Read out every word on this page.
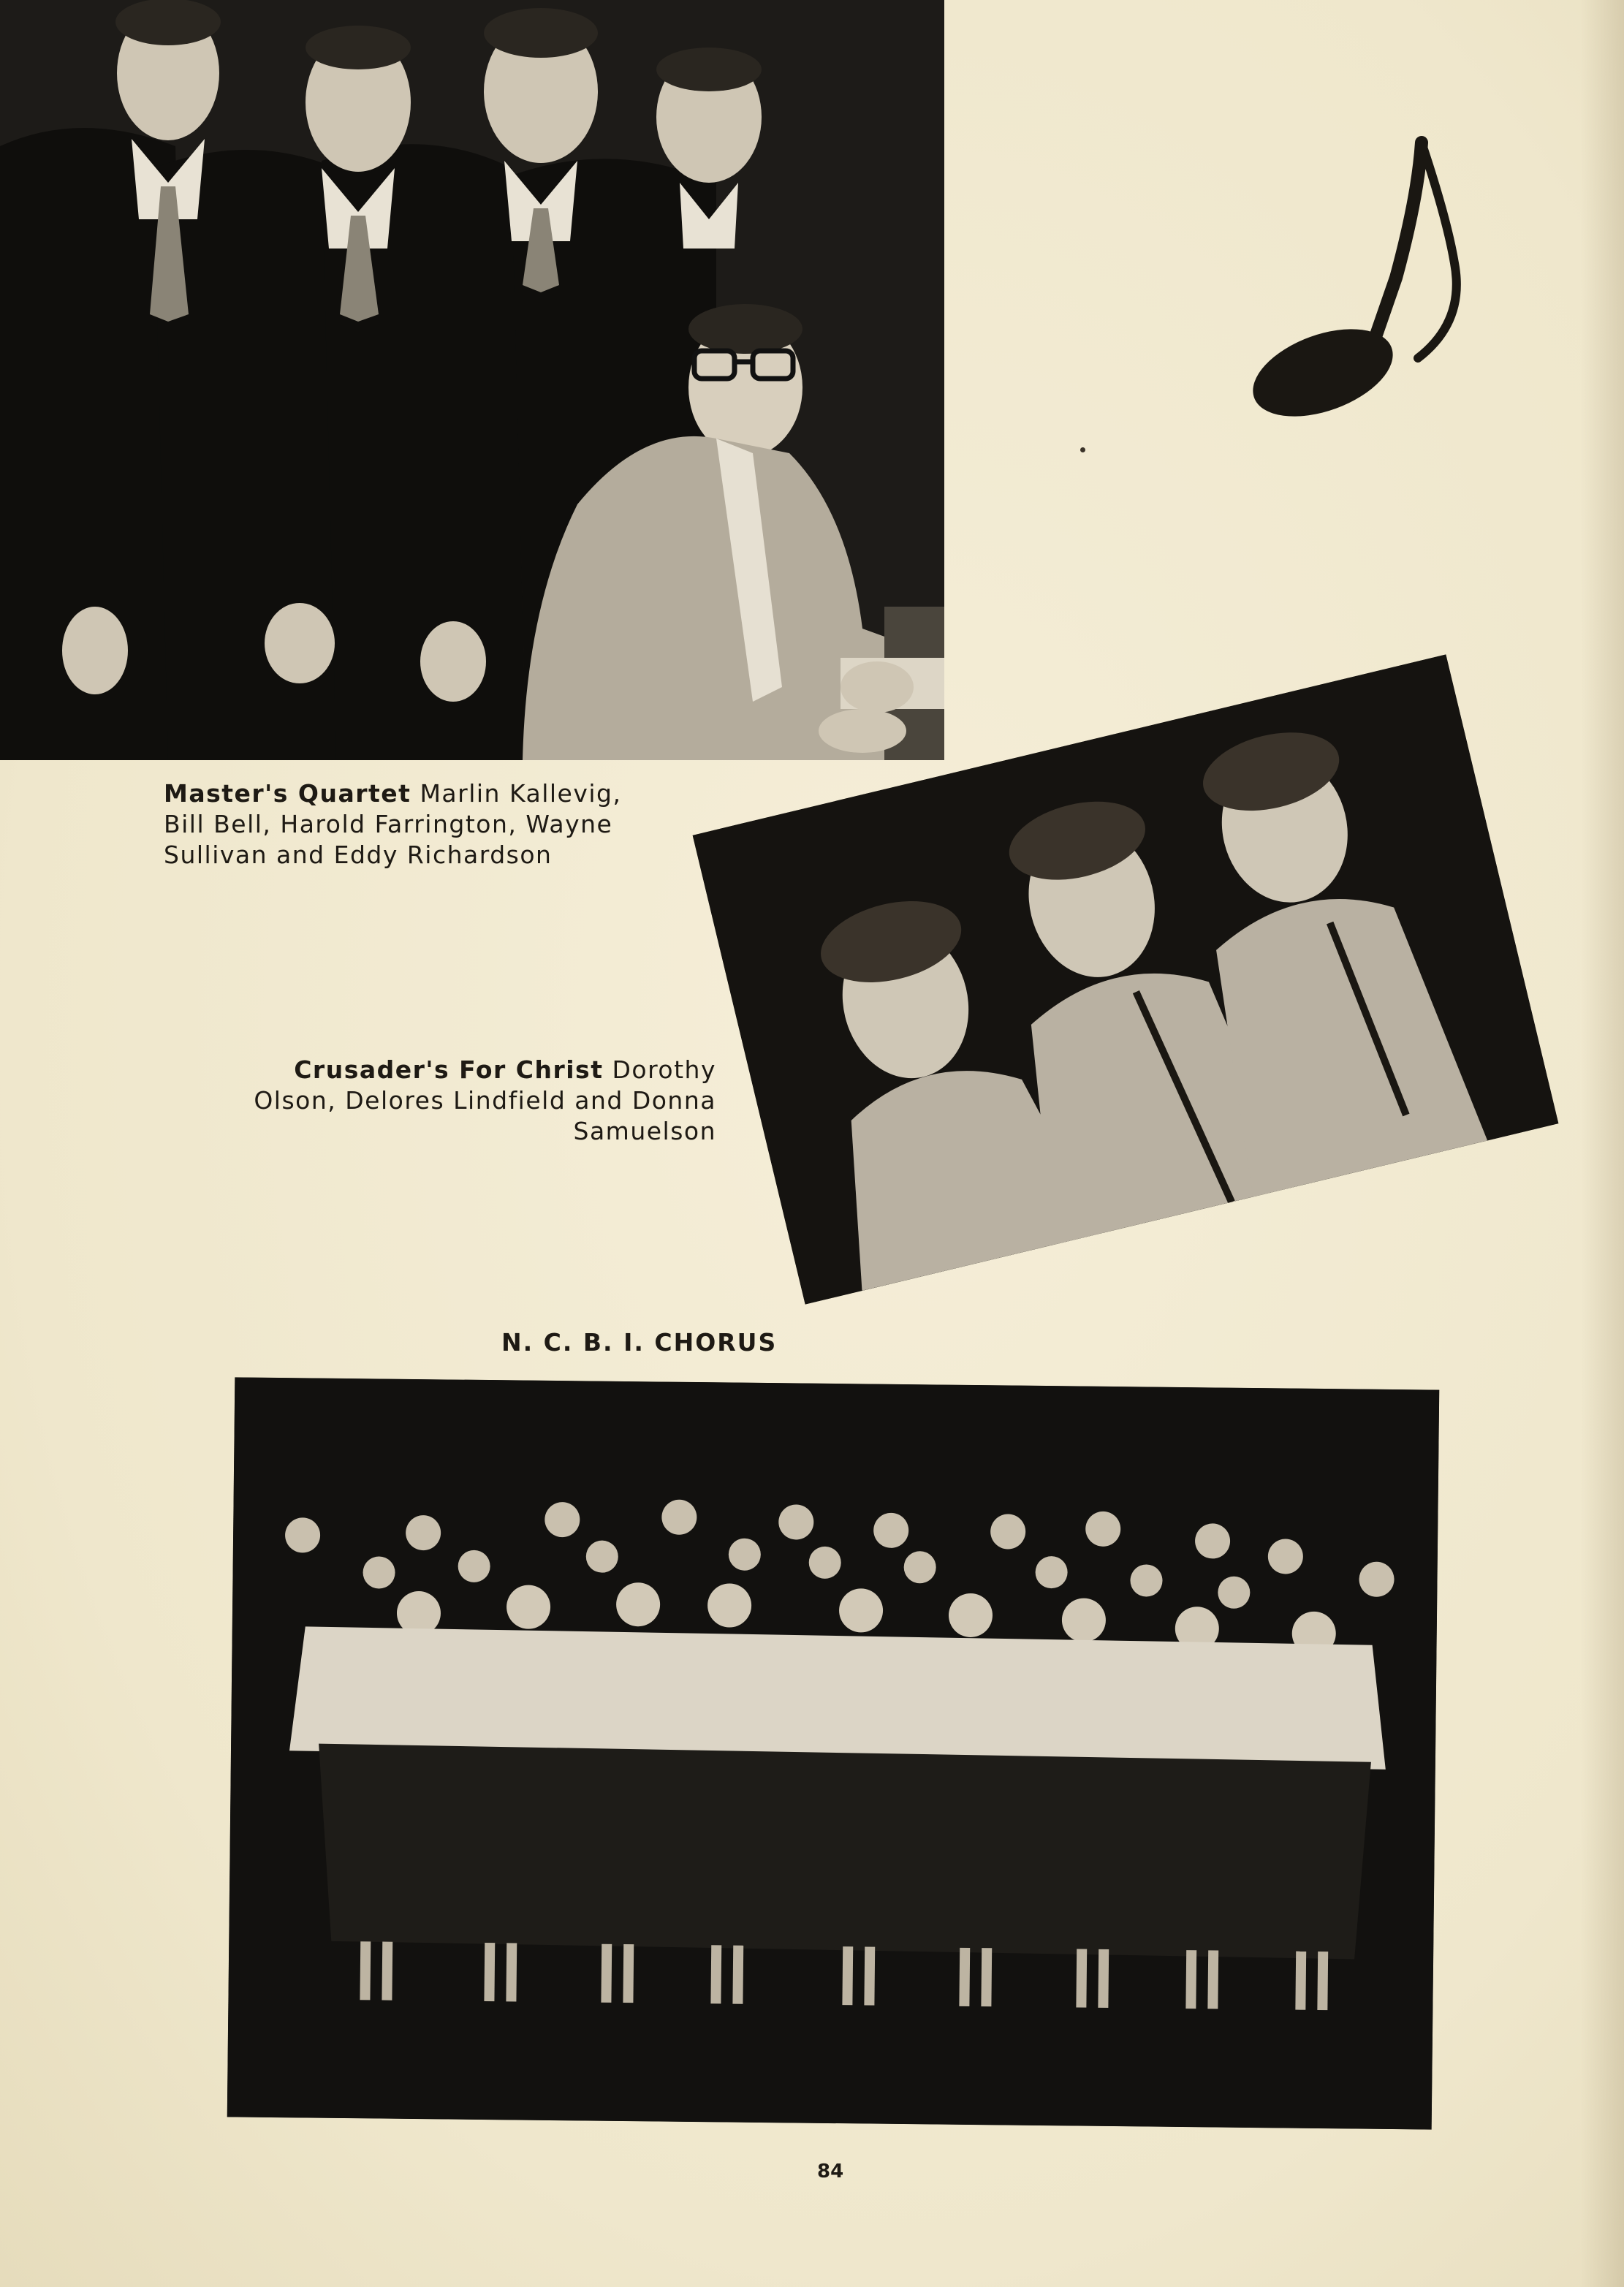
Master's Quartet Marlin Kallevig, Bill Bell, Harold Farrington, Wayne Sullivan and Eddy Richardson

Crusader's For Christ Dorothy Olson, Delores Lindfield and Donna Samuelson

N. C. B. I. CHORUS
84
